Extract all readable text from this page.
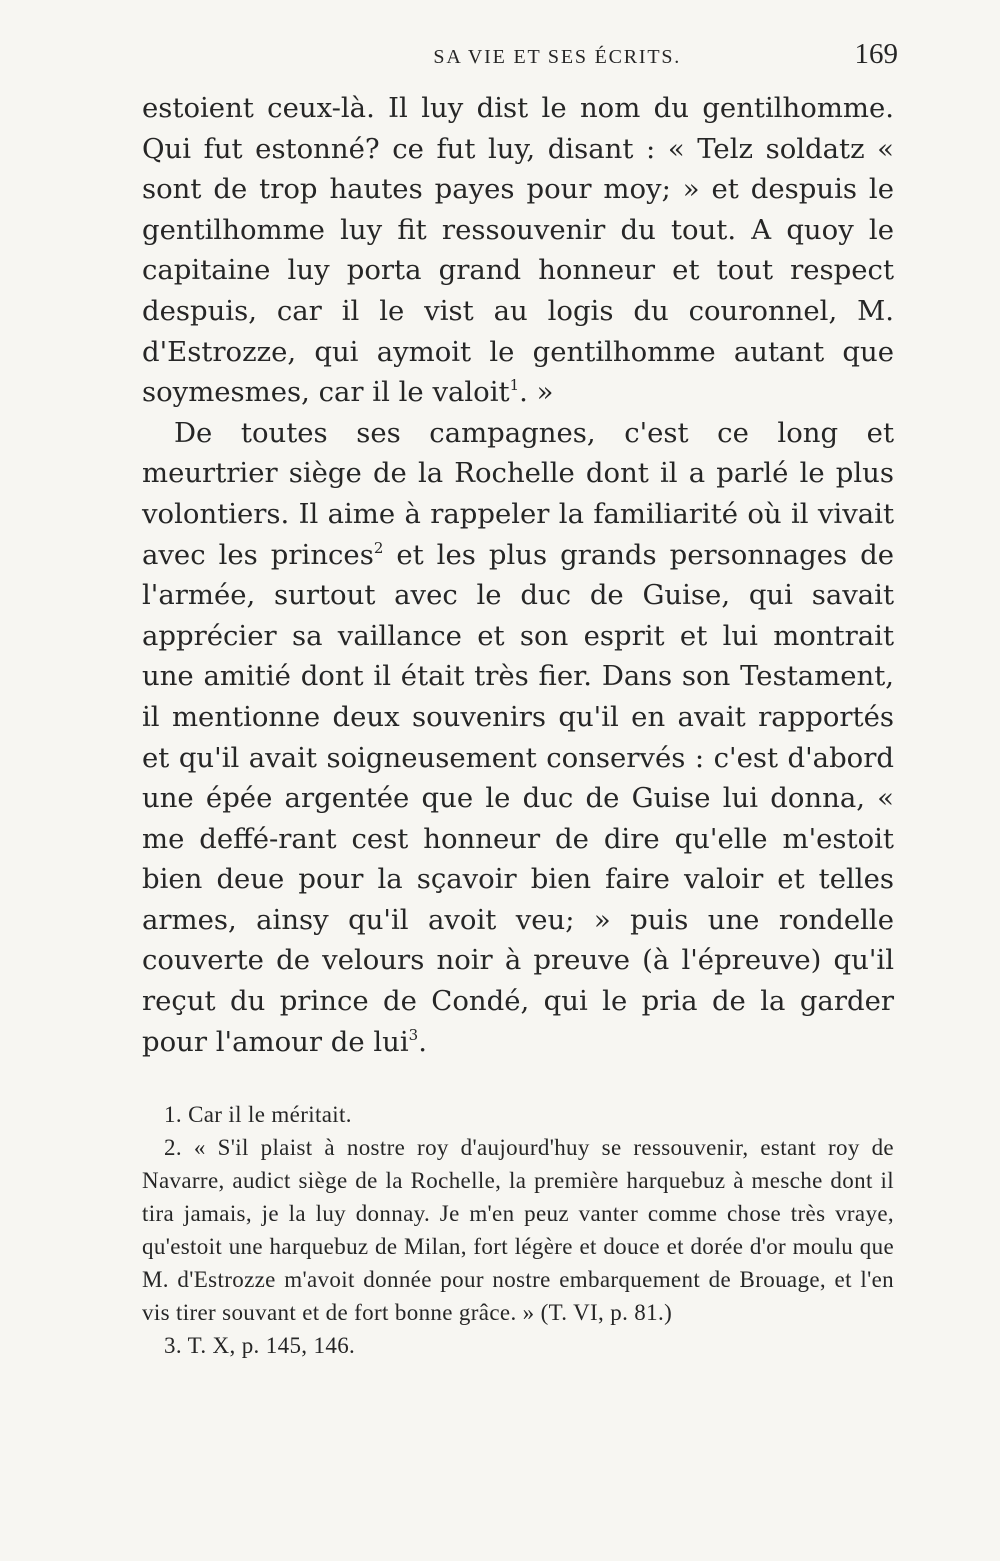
SA VIE ET SES ÉCRITS.	169

estoient ceux-là. Il luy dist le nom du gentilhomme. Qui fut estonné? ce fut luy, disant : « Telz soldatz « sont de trop hautes payes pour moy; » et despuis le gentilhomme luy fit ressouvenir du tout. A quoy le capitaine luy porta grand honneur et tout respect despuis, car il le vist au logis du couronnel, M. d'Estrozze, qui aymoit le gentilhomme autant que soymesmes, car il le valoit$^1$. »

De toutes ses campagnes, c'est ce long et meurtrier siège de la Rochelle dont il a parlé le plus volontiers. Il aime à rappeler la familiarité où il vivait avec les princes$^2$ et les plus grands personnages de l'armée, surtout avec le duc de Guise, qui savait apprécier sa vaillance et son esprit et lui montrait une amitié dont il était très fier. Dans son Testament, il mentionne deux souvenirs qu'il en avait rapportés et qu'il avait soigneusement conservés : c'est d'abord une épée argentée que le duc de Guise lui donna, « me deffé-rant cest honneur de dire qu'elle m'estoit bien deue pour la sçavoir bien faire valoir et telles armes, ainsy qu'il avoit veu; » puis une rondelle couverte de velours noir à preuve (à l'épreuve) qu'il reçut du prince de Condé, qui le pria de la garder pour l'amour de lui$^3$.

1. Car il le méritait.

2. « S'il plaist à nostre roy d'aujourd'huy se ressouvenir, estant roy de Navarre, audict siège de la Rochelle, la première harquebuz à mesche dont il tira jamais, je la luy donnay. Je m'en peuz vanter comme chose très vraye, qu'estoit une harquebuz de Milan, fort légère et douce et dorée d'or moulu que M. d'Estrozze m'avoit donnée pour nostre embarquement de Brouage, et l'en vis tirer souvant et de fort bonne grâce. » (T. VI, p. 81.)

3. T. X, p. 145, 146.
